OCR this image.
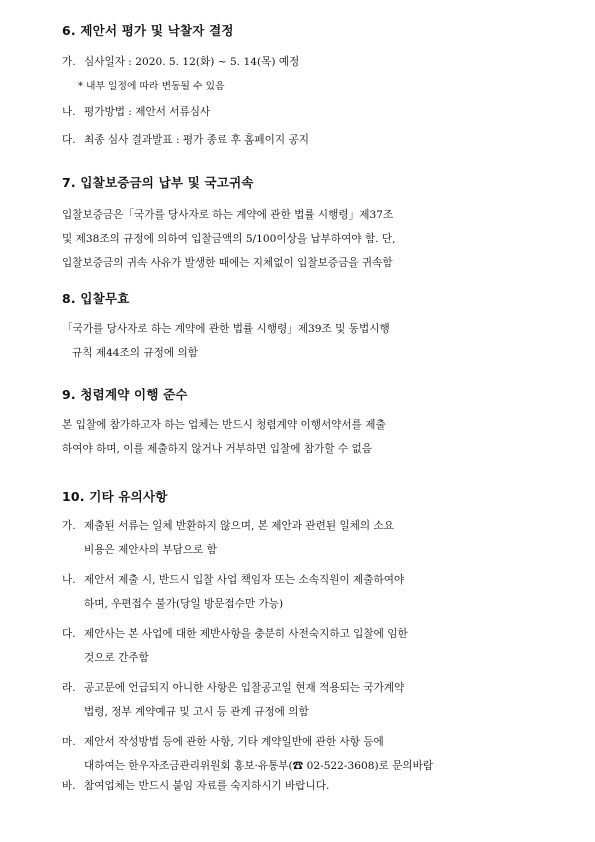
6. 제안서 평가 및 낙찰자 결정
가. 심사일자 : 2020. 5. 12(화) ~ 5. 14(목) 예정
* 내부 일정에 따라 변동될 수 있음
나. 평가방법 : 제안서 서류심사
다. 최종 심사 결과발표 : 평가 종료 후 홈페이지 공지
7. 입찰보증금의 납부 및 국고귀속
입찰보증금은「국가를 당사자로 하는 계약에 관한 법률 시행령」제37조
및 제38조의 규정에 의하여 입찰금액의 5/100이상을 납부하여야 함. 단,
입찰보증금의 귀속 사유가 발생한 때에는 지체없이 입찰보증금을 귀속함
8. 입찰무효
「국가를 당사자로 하는 계약에 관한 법률 시행령」제39조 및 동법시행
규칙 제44조의 규정에 의함
9. 청렴계약 이행 준수
본 입찰에 참가하고자 하는 업체는 반드시 청렴계약 이행서약서를 제출
하여야 하며, 이를 제출하지 않거나 거부하면 입찰에 참가할 수 없음
10. 기타 유의사항
가. 제출된 서류는 일체 반환하지 않으며, 본 제안과 관련된 일체의 소요
비용은 제안사의 부담으로 함
나. 제안서 제출 시, 반드시 입찰 사업 책임자 또는 소속직원이 제출하여야
하며, 우편접수 불가(당일 방문접수만 가능)
다. 제안사는 본 사업에 대한 제반사항을 충분히 사전숙지하고 입찰에 임한
것으로 간주함
라. 공고문에 언급되지 아니한 사항은 입찰공고일 현재 적용되는 국가계약
법령, 정부 계약예규 및 고시 등 관계 규정에 의함
마. 제안서 작성방법 등에 관한 사항, 기타 계약일반에 관한 사항 등에
대하여는 한우자조금관리위원회 홍보·유통부(☎ 02-522-3608)로 문의바람
바. 참여업체는 반드시 붙임 자료를 숙지하시기 바랍니다.
